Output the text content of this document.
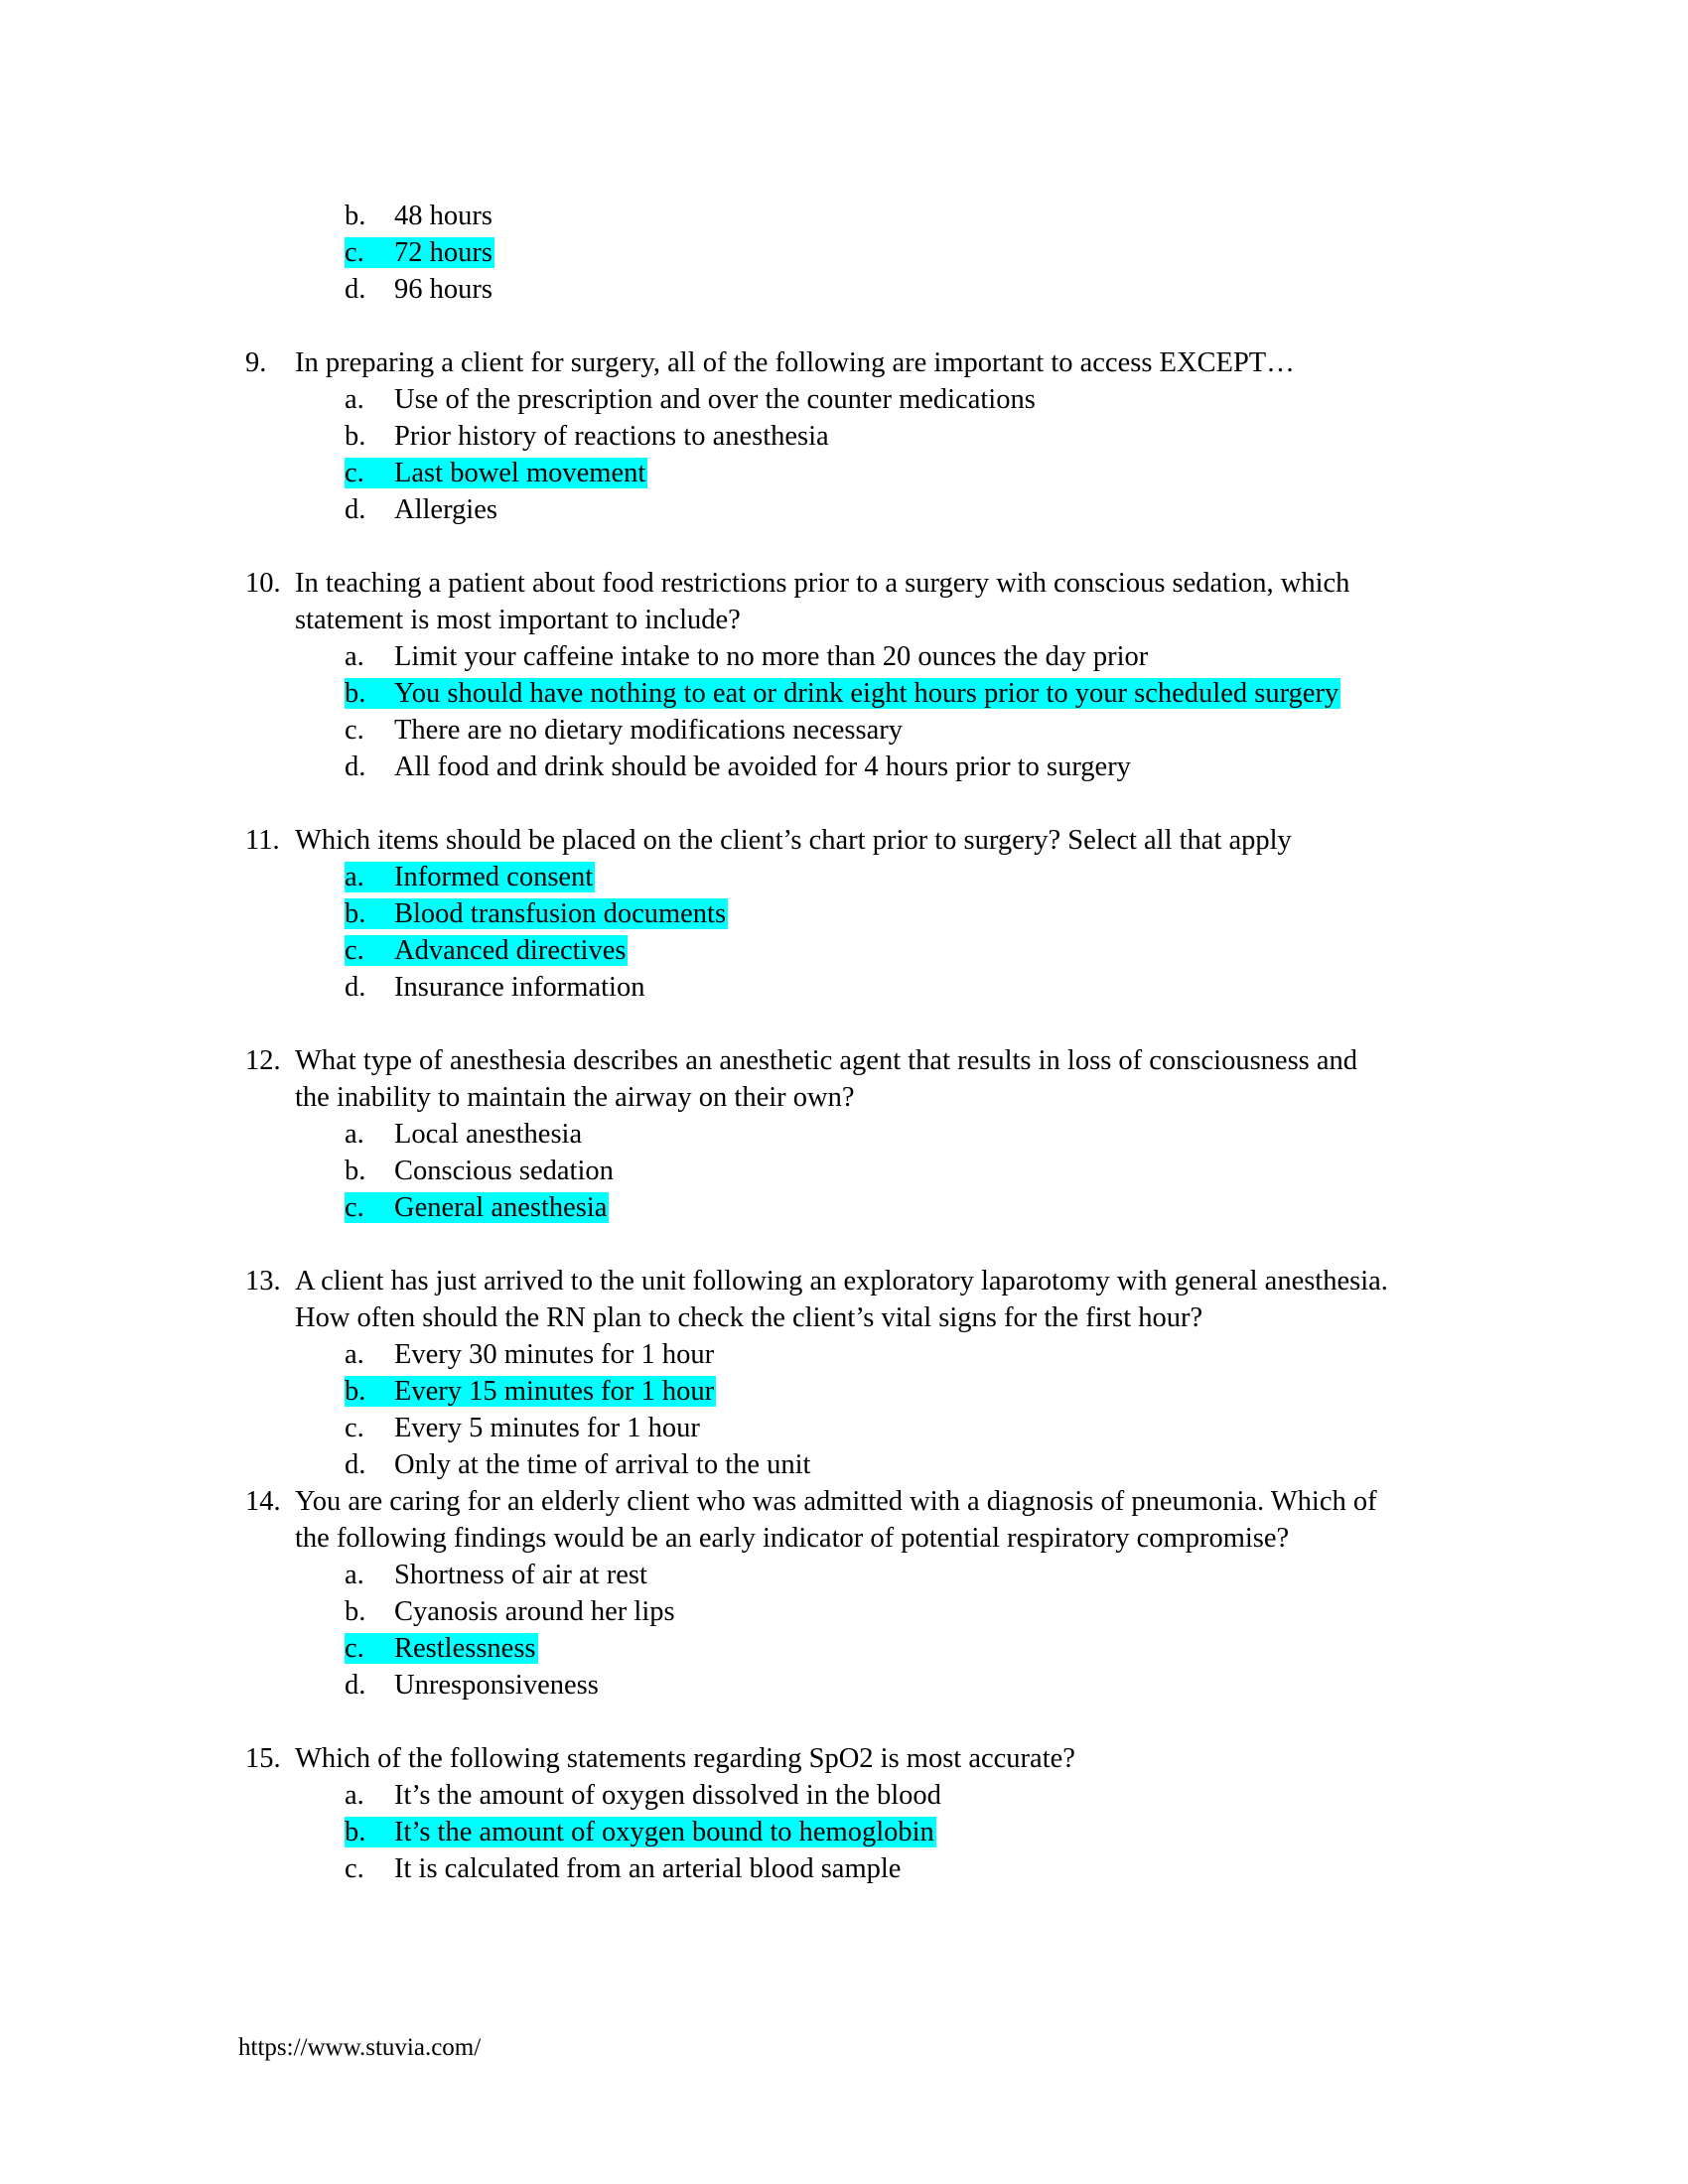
b. 48 hours
c. 72 hours
d. 96 hours
9. In preparing a client for surgery, all of the following are important to access EXCEPT…
a. Use of the prescription and over the counter medications
b. Prior history of reactions to anesthesia
c. Last bowel movement
d. Allergies
10. In teaching a patient about food restrictions prior to a surgery with conscious sedation, which
statement is most important to include?
a. Limit your caffeine intake to no more than 20 ounces the day prior
b. You should have nothing to eat or drink eight hours prior to your scheduled surgery
c. There are no dietary modifications necessary
d. All food and drink should be avoided for 4 hours prior to surgery
11. Which items should be placed on the client’s chart prior to surgery? Select all that apply
a. Informed consent
b. Blood transfusion documents
c. Advanced directives
d. Insurance information
12. What type of anesthesia describes an anesthetic agent that results in loss of consciousness and
the inability to maintain the airway on their own?
a. Local anesthesia
b. Conscious sedation
c. General anesthesia
13. A client has just arrived to the unit following an exploratory laparotomy with general anesthesia.
How often should the RN plan to check the client’s vital signs for the first hour?
a. Every 30 minutes for 1 hour
b. Every 15 minutes for 1 hour
c. Every 5 minutes for 1 hour
d. Only at the time of arrival to the unit
14. You are caring for an elderly client who was admitted with a diagnosis of pneumonia. Which of
the following findings would be an early indicator of potential respiratory compromise?
a. Shortness of air at rest
b. Cyanosis around her lips
c. Restlessness
d. Unresponsiveness
15. Which of the following statements regarding SpO2 is most accurate?
a. It’s the amount of oxygen dissolved in the blood
b. It’s the amount of oxygen bound to hemoglobin
c. It is calculated from an arterial blood sample
https://www.stuvia.com/
